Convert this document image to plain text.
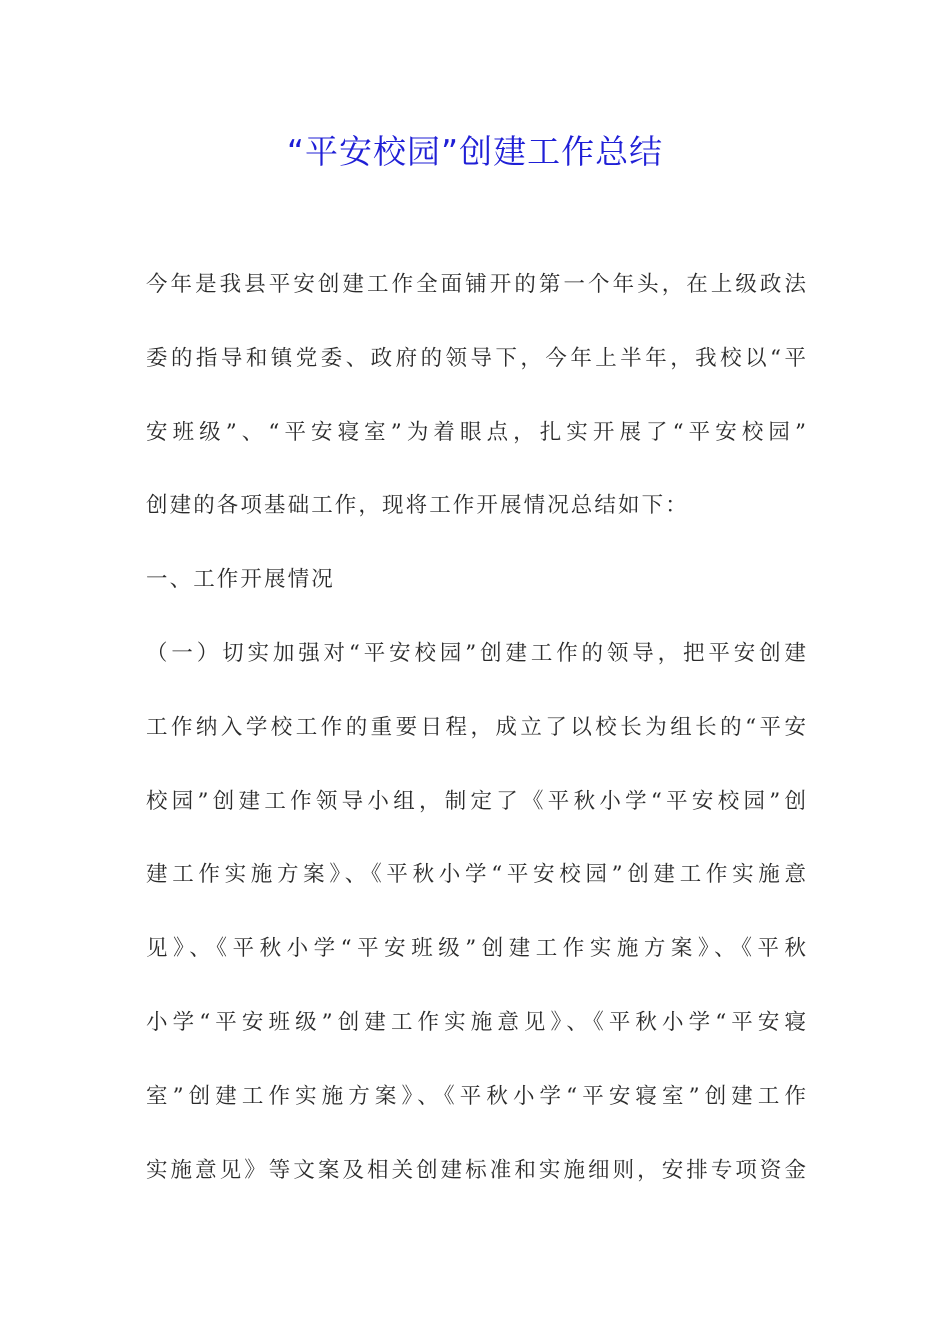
“平安校园”创建工作总结
今年是我县平安创建工作全面铺开的第一个年头，在上级政法
委的指导和镇党委、政府的领导下，今年上半年，我校以“平
安班级”、“平安寝室”为着眼点，扎实开展了“平安校园”
创建的各项基础工作，现将工作开展情况总结如下：
一、工作开展情况
（一）切实加强对“平安校园”创建工作的领导，把平安创建
工作纳入学校工作的重要日程，成立了以校长为组长的“平安
校园”创建工作领导小组，制定了《平秋小学“平安校园”创
建工作实施方案》、《平秋小学“平安校园”创建工作实施意
见》、《平秋小学“平安班级”创建工作实施方案》、《平秋
小学“平安班级”创建工作实施意见》、《平秋小学“平安寝
室”创建工作实施方案》、《平秋小学“平安寝室”创建工作
实施意见》等文案及相关创建标准和实施细则，安排专项资金
